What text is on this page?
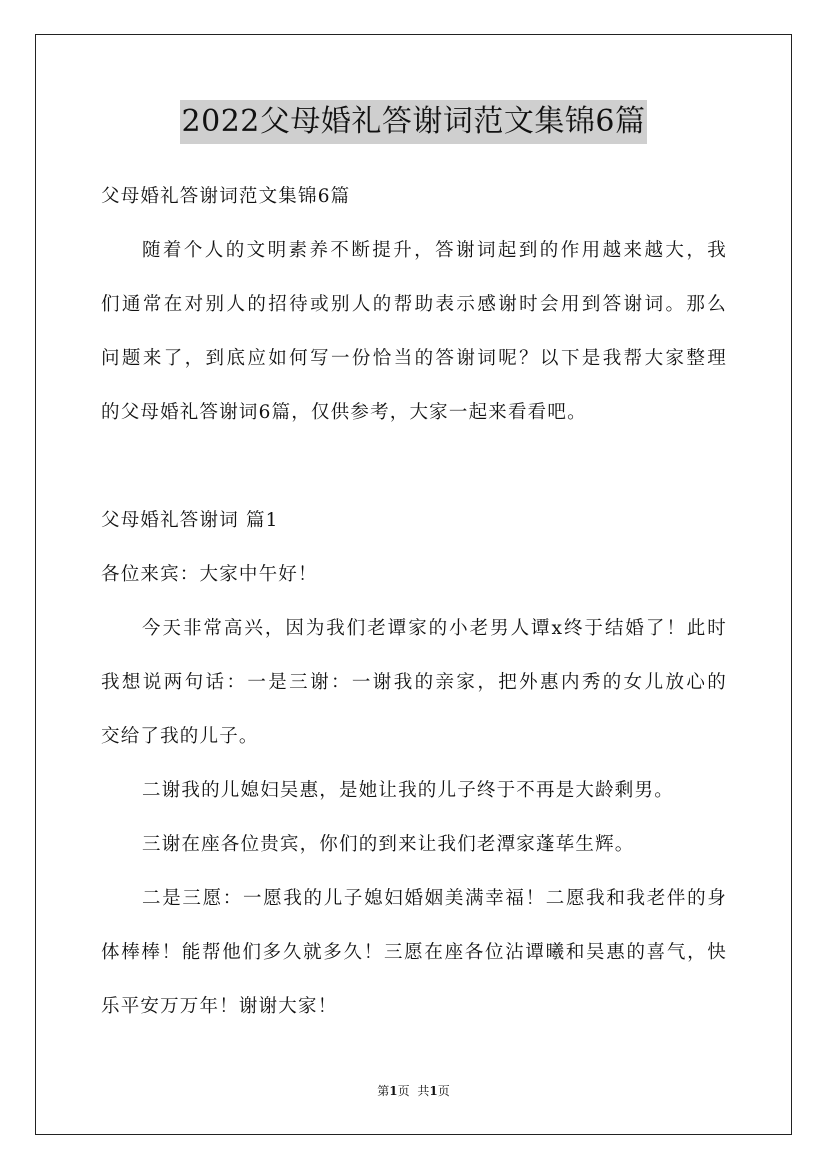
2022父母婚礼答谢词范文集锦6篇
父母婚礼答谢词范文集锦6篇
随着个人的文明素养不断提升，答谢词起到的作用越来越大，我
们通常在对别人的招待或别人的帮助表示感谢时会用到答谢词。那么
问题来了，到底应如何写一份恰当的答谢词呢？以下是我帮大家整理
的父母婚礼答谢词6篇，仅供参考，大家一起来看看吧。
父母婚礼答谢词 篇1
各位来宾：大家中午好！
今天非常高兴，因为我们老谭家的小老男人谭x终于结婚了！此时
我想说两句话：一是三谢：一谢我的亲家，把外惠内秀的女儿放心的
交给了我的儿子。
二谢我的儿媳妇吴惠，是她让我的儿子终于不再是大龄剩男。
三谢在座各位贵宾，你们的到来让我们老潭家蓬荜生辉。
二是三愿：一愿我的儿子媳妇婚姻美满幸福！二愿我和我老伴的身
体棒棒！能帮他们多久就多久！三愿在座各位沾谭曦和吴惠的喜气，快
乐平安万万年！谢谢大家！
第1页 共1页
